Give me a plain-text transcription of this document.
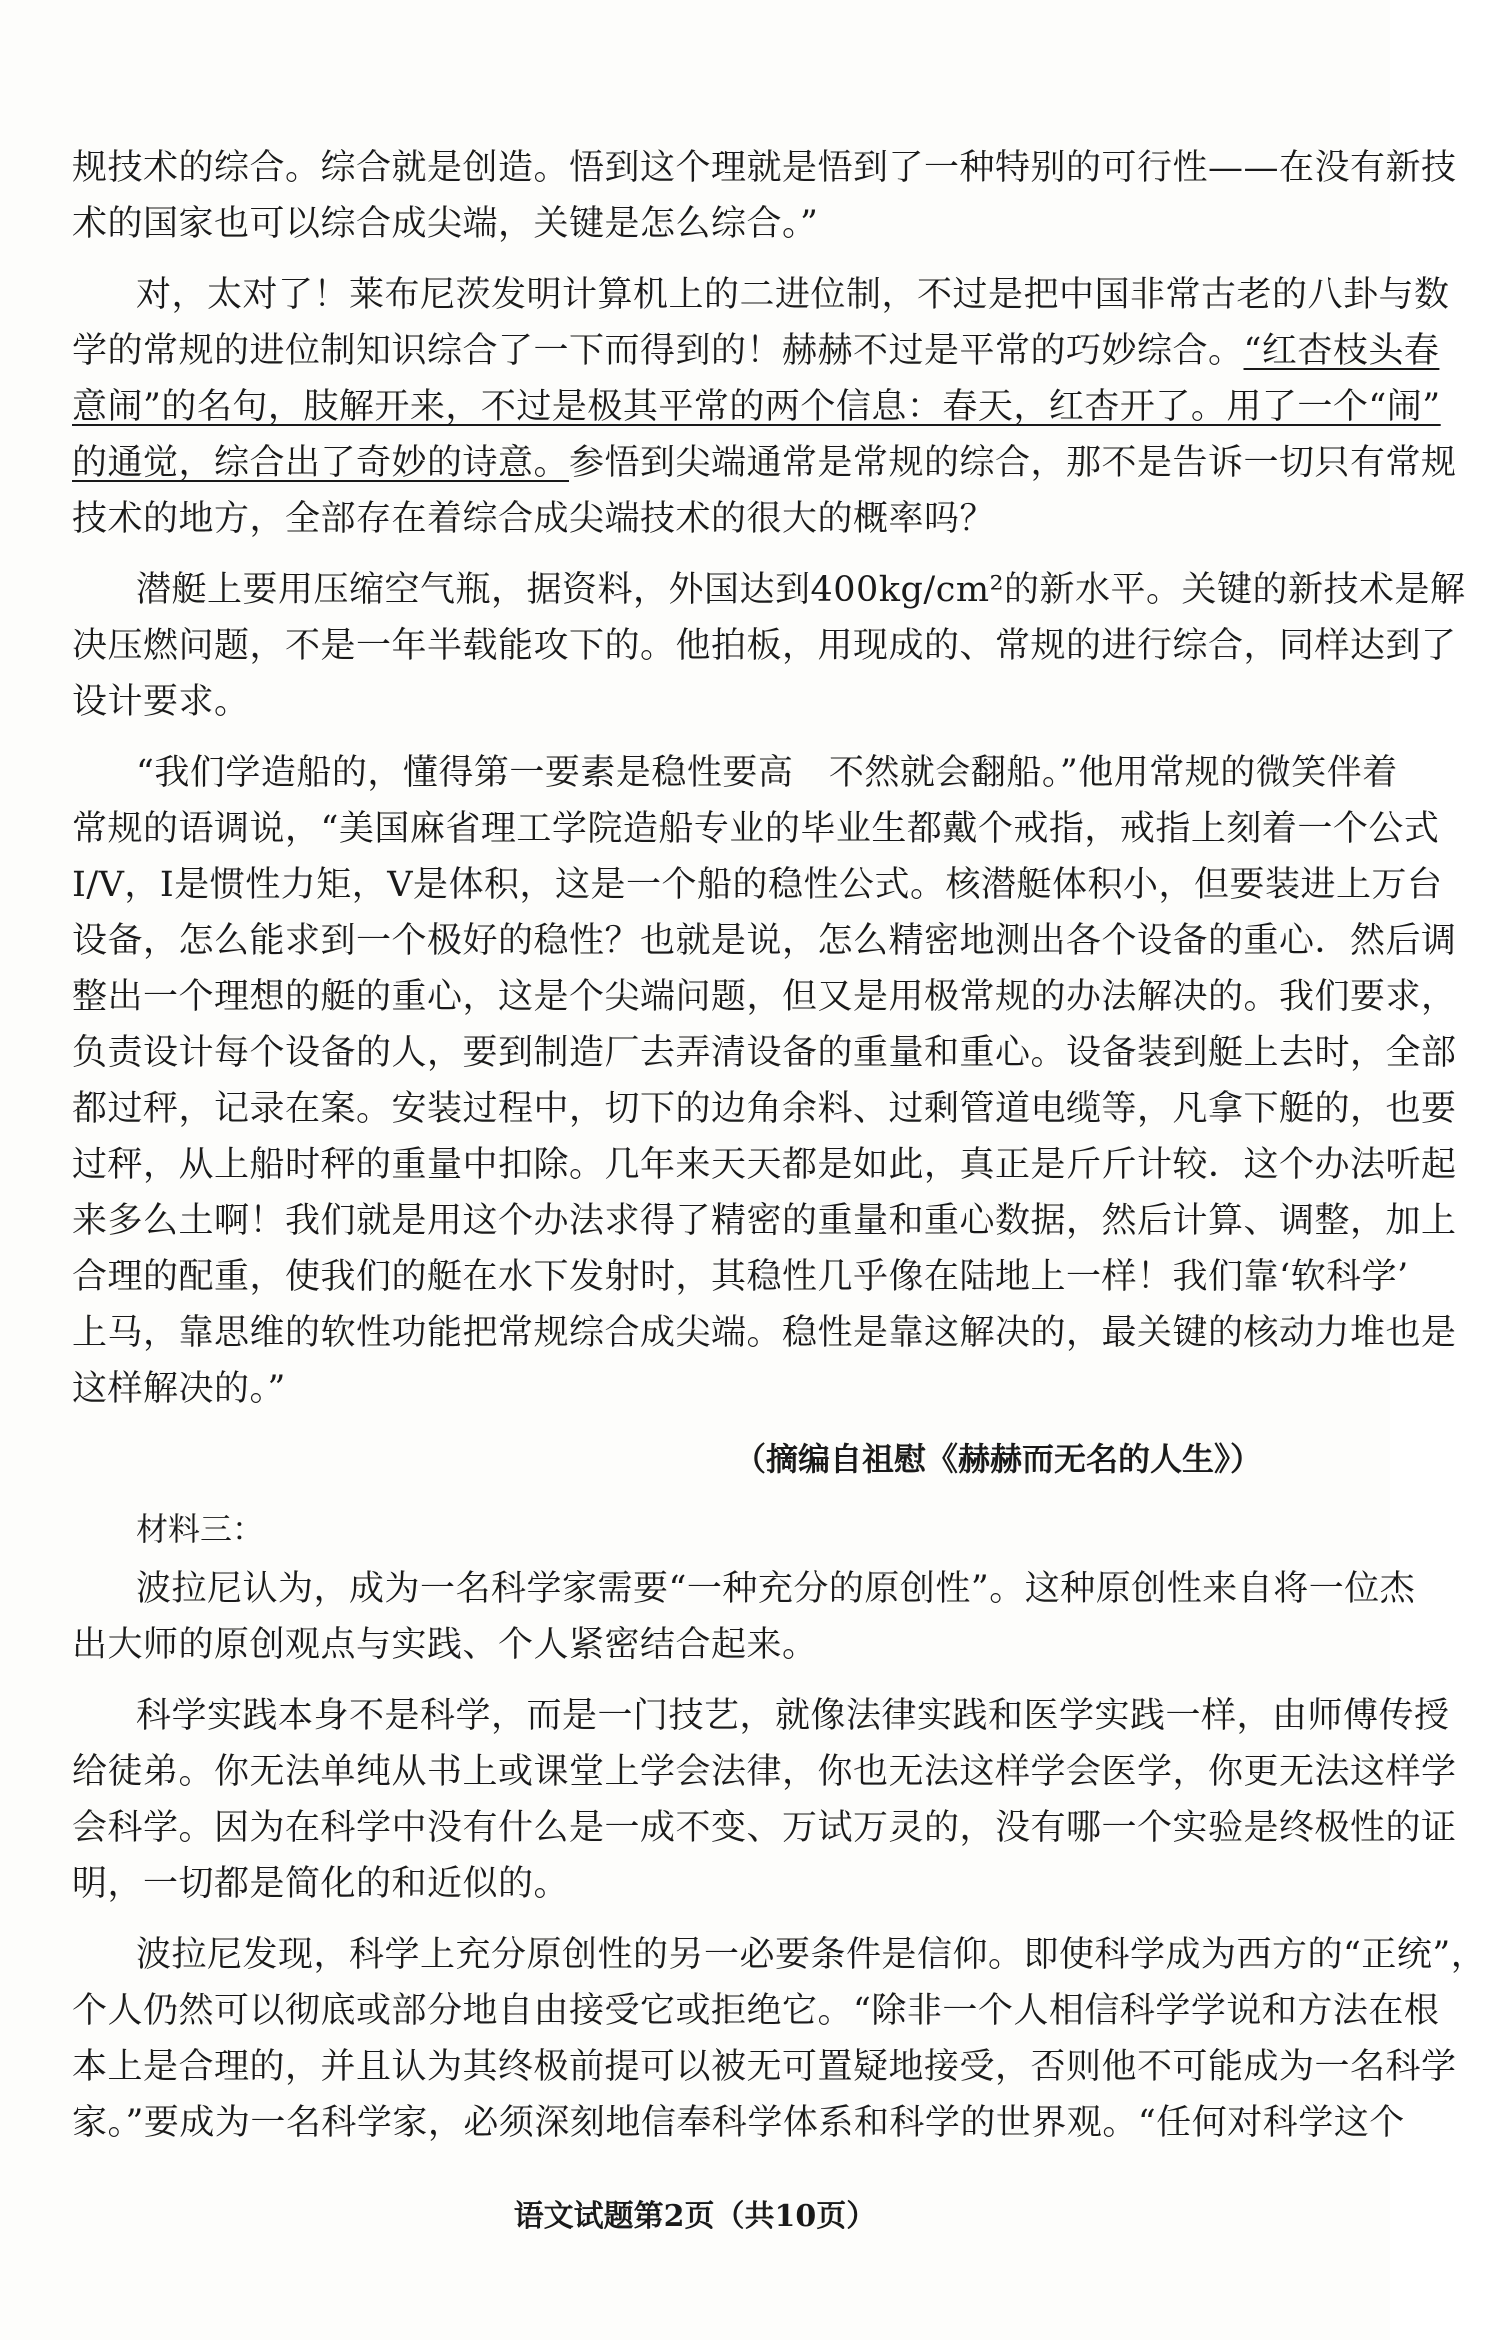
规技术的综合。综合就是创造。悟到这个理就是悟到了一种特别的可行性——在没有新技
术的国家也可以综合成尖端，关键是怎么综合。”
对，太对了！莱布尼茨发明计算机上的二进位制，不过是把中国非常古老的八卦与数
学的常规的进位制知识综合了一下而得到的！赫赫不过是平常的巧妙综合。“红杏枝头春
意闹”的名句，肢解开来，不过是极其平常的两个信息：春天，红杏开了。用了一个“闹”
的通觉，综合出了奇妙的诗意。参悟到尖端通常是常规的综合，那不是告诉一切只有常规
技术的地方，全部存在着综合成尖端技术的很大的概率吗？
潜艇上要用压缩空气瓶，据资料，外国达到400kg/cm²的新水平。关键的新技术是解
决压燃问题，不是一年半载能攻下的。他拍板，用现成的、常规的进行综合，同样达到了
设计要求。
“我们学造船的，懂得第一要素是稳性要高　不然就会翻船。”他用常规的微笑伴着
常规的语调说，“美国麻省理工学院造船专业的毕业生都戴个戒指，戒指上刻着一个公式
I/V，I是惯性力矩，V是体积，这是一个船的稳性公式。核潜艇体积小，但要装进上万台
设备，怎么能求到一个极好的稳性？也就是说，怎么精密地测出各个设备的重心．然后调
整出一个理想的艇的重心，这是个尖端问题，但又是用极常规的办法解决的。我们要求，
负责设计每个设备的人，要到制造厂去弄清设备的重量和重心。设备装到艇上去时，全部
都过秤，记录在案。安装过程中，切下的边角余料、过剩管道电缆等，凡拿下艇的，也要
过秤，从上船时秤的重量中扣除。几年来天天都是如此，真正是斤斤计较．这个办法听起
来多么土啊！我们就是用这个办法求得了精密的重量和重心数据，然后计算、调整，加上
合理的配重，使我们的艇在水下发射时，其稳性几乎像在陆地上一样！我们靠‘软科学’
上马，靠思维的软性功能把常规综合成尖端。稳性是靠这解决的，最关键的核动力堆也是
这样解决的。”
（摘编自祖慰《赫赫而无名的人生》）
材料三：
波拉尼认为，成为一名科学家需要“一种充分的原创性”。这种原创性来自将一位杰
出大师的原创观点与实践、个人紧密结合起来。
科学实践本身不是科学，而是一门技艺，就像法律实践和医学实践一样，由师傅传授
给徒弟。你无法单纯从书上或课堂上学会法律，你也无法这样学会医学，你更无法这样学
会科学。因为在科学中没有什么是一成不变、万试万灵的，没有哪一个实验是终极性的证
明，一切都是简化的和近似的。
波拉尼发现，科学上充分原创性的另一必要条件是信仰。即使科学成为西方的“正统”，
个人仍然可以彻底或部分地自由接受它或拒绝它。“除非一个人相信科学学说和方法在根
本上是合理的，并且认为其终极前提可以被无可置疑地接受，否则他不可能成为一名科学
家。”要成为一名科学家，必须深刻地信奉科学体系和科学的世界观。“任何对科学这个
语文试题第2页（共10页）
